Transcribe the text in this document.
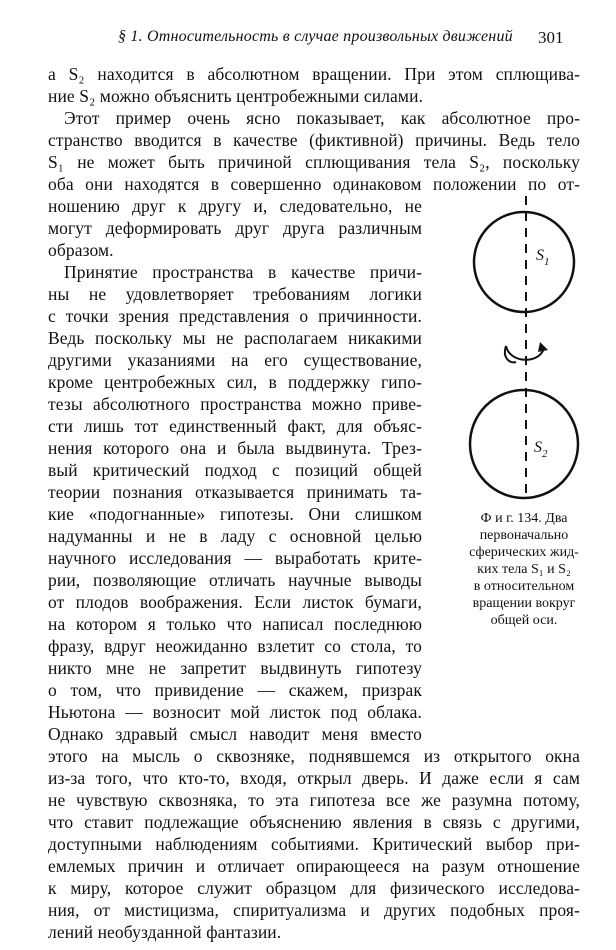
§ 1. Относительность в случае произвольных движений 301
а S₂ находится в абсолютном вращении. При этом сплющива-
ние S₂ можно объяснить центробежными силами.
Этот пример очень ясно показывает, как абсолютное про-
странство вводится в качестве (фиктивной) причины. Ведь тело
S₁ не может быть причиной сплющивания тела S₂, поскольку
оба они находятся в совершенно одинаковом положении по от-
ношению друг к другу и, следовательно, не
могут деформировать друг друга различным
образом.
Принятие пространства в качестве причи-
ны не удовлетворяет требованиям логики
с точки зрения представления о причинности.
Ведь поскольку мы не располагаем никакими
другими указаниями на его существование,
кроме центробежных сил, в поддержку гипо-
тезы абсолютного пространства можно приве-
сти лишь тот единственный факт, для объяс-
нения которого она и была выдвинута. Трез-
вый критический подход с позиций общей
теории познания отказывается принимать та-
кие «подогнанные» гипотезы. Они слишком
надуманны и не в ладу с основной целью
научного исследования — выработать крите-
рии, позволяющие отличать научные выводы
от плодов воображения. Если листок бумаги,
на котором я только что написал последнюю
фразу, вдруг неожиданно взлетит со стола, то
никто мне не запретит выдвинуть гипотезу
о том, что привидение — скажем, призрак
Ньютона — возносит мой листок под облака.
Однако здравый смысл наводит меня вместо
этого на мысль о сквозняке, поднявшемся из открытого окна
из-за того, что кто-то, входя, открыл дверь. И даже если я сам
не чувствую сквозняка, то эта гипотеза все же разумна потому,
что ставит подлежащие объяснению явления в связь с другими,
доступными наблюдениям событиями. Критический выбор при-
емлемых причин и отличает опирающееся на разум отношение
к миру, которое служит образцом для физического исследова-
ния, от мистицизма, спиритуализма и других подобных проя-
лений необузданной фантазии.
$S_1$
$S_2$
Ф и г. 134. Два
первоначально
сферических жид-
ких тела S₁ и S₂
в относительном
вращении вокруг
общей оси.
